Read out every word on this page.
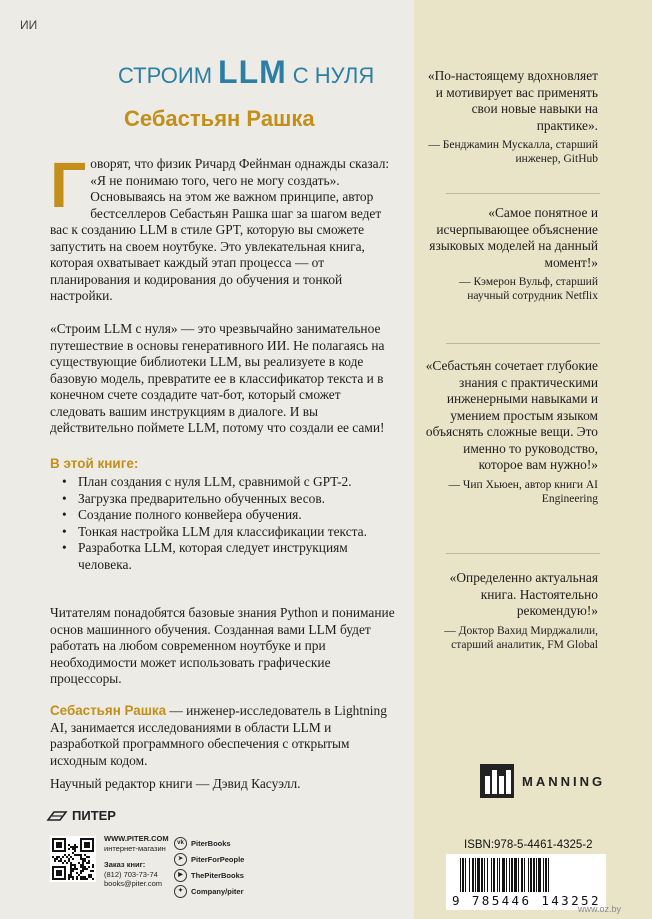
ИИ
СТРОИМ LLM С НУЛЯ
Себастьян Рашка
Говорят, что физик Ричард Фейнман однажды сказал: «Я не понимаю того, чего не могу создать». Основываясь на этом же важном принципе, автор бестселлеров Себастьян Рашка шаг за шагом ведет вас к созданию LLM в стиле GPT, которую вы сможете запустить на своем ноутбуке. Это увлекательная книга, которая охватывает каждый этап процесса — от планирования и кодирования до обучения и тонкой настройки.
«Строим LLM с нуля» — это чрезвычайно занимательное путешествие в основы генеративного ИИ. Не полагаясь на существующие библиотеки LLM, вы реализуете в коде базовую модель, превратите ее в классификатор текста и в конечном счете создадите чат-бот, который сможет следовать вашим инструкциям в диалоге. И вы действительно поймете LLM, потому что создали ее сами!
В этой книге:
• План создания с нуля LLM, сравнимой с GPT-2.
• Загрузка предварительно обученных весов.
• Создание полного конвейера обучения.
• Тонкая настройка LLM для классификации текста.
• Разработка LLM, которая следует инструкциям человека.
Читателям понадобятся базовые знания Python и понимание основ машинного обучения. Созданная вами LLM будет работать на любом современном ноутбуке и при необходимости может использовать графические процессоры.
Себастьян Рашка — инженер-исследователь в Lightning AI, занимается исследованиями в области LLM и разработкой программного обеспечения с открытым исходным кодом.
Научный редактор книги — Дэвид Касуэлл.
«По-настоящему вдохновляет и мотивирует вас применять свои новые навыки на практике».
— Бенджамин Мускалла, старший инженер, GitHub
«Самое понятное и исчерпывающее объяснение языковых моделей на данный момент!»
— Кэмерон Вульф, старший научный сотрудник Netflix
«Себастьян сочетает глубокие знания с практическими инженерными навыками и умением простым языком объяснять сложные вещи. Это именно то руководство, которое вам нужно!»
— Чип Хьюен, автор книги AI Engineering
«Определенно актуальная книга. Настоятельно рекомендую!»
— Доктор Вахид Мирджалили, старший аналитик, FM Global
MANNING
ISBN:978-5-4461-4325-2
9 785446 143252
www.oz.by
ПИТЕР
WWW.PITER.COM
интернет-магазин
Заказ книг:
(812) 703-73-74
books@piter.com
vk PiterBooks
➤	PiterForPeople
▶	ThePiterBooks
✦	Company/piter
